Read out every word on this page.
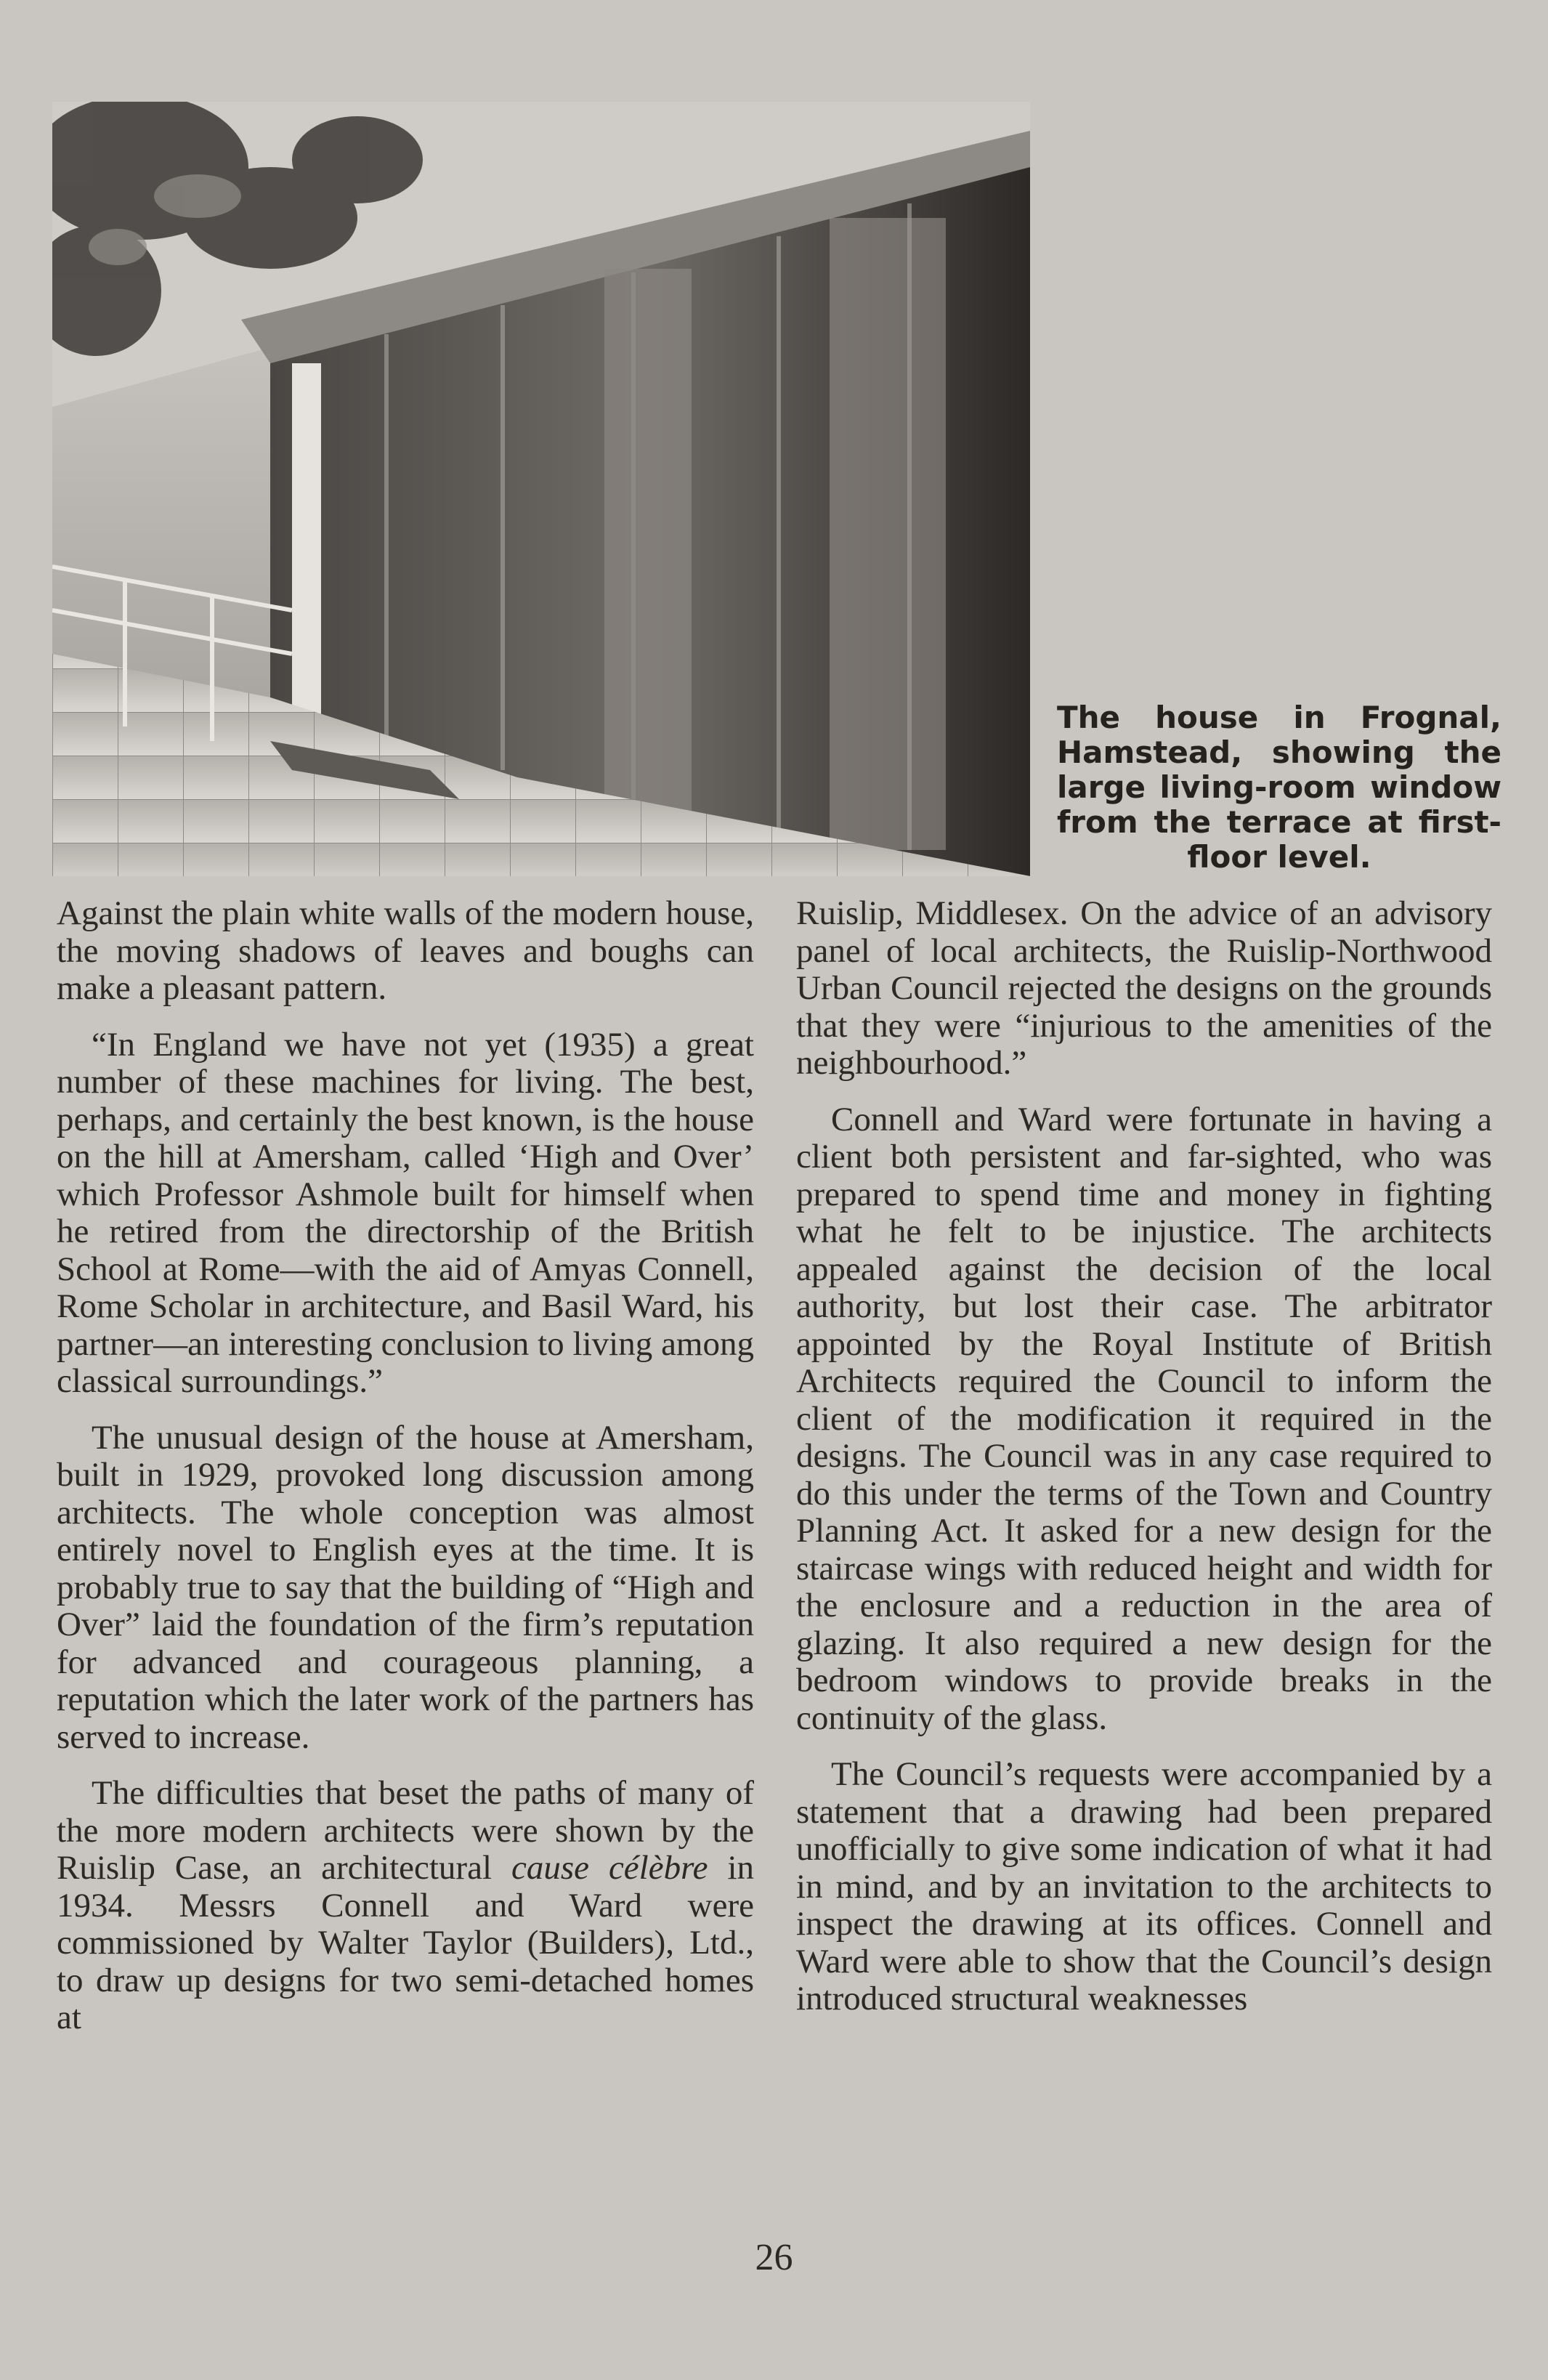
The house in Frognal, Hamstead, showing the large living-room window from the terrace at first-floor level.

Against the plain white walls of the modern house, the moving shadows of leaves and boughs can make a pleasant pattern.

“In England we have not yet (1935) a great number of these machines for living. The best, perhaps, and certainly the best known, is the house on the hill at Amersham, called ‘High and Over’ which Professor Ashmole built for himself when he retired from the directorship of the British School at Rome—with the aid of Amyas Connell, Rome Scholar in architecture, and Basil Ward, his partner—an interesting conclusion to living among classical surroundings.”

The unusual design of the house at Amersham, built in 1929, provoked long discussion among architects. The whole conception was almost entirely novel to English eyes at the time. It is probably true to say that the building of “High and Over” laid the foundation of the firm’s reputation for advanced and courageous planning, a reputation which the later work of the partners has served to increase.

The difficulties that beset the paths of many of the more modern architects were shown by the Ruislip Case, an architectural cause célèbre in 1934. Messrs Connell and Ward were commissioned by Walter Taylor (Builders), Ltd., to draw up designs for two semi-detached homes at

Ruislip, Middlesex. On the advice of an advisory panel of local architects, the Ruislip-Northwood Urban Council rejected the designs on the grounds that they were “injurious to the amenities of the neighbourhood.”

Connell and Ward were fortunate in having a client both persistent and far-sighted, who was prepared to spend time and money in fighting what he felt to be injustice. The architects appealed against the decision of the local authority, but lost their case. The arbitrator appointed by the Royal Institute of British Architects required the Council to inform the client of the modification it required in the designs. The Council was in any case required to do this under the terms of the Town and Country Planning Act. It asked for a new design for the staircase wings with reduced height and width for the enclosure and a reduction in the area of glazing. It also required a new design for the bedroom windows to provide breaks in the continuity of the glass.

The Council’s requests were accompanied by a statement that a drawing had been prepared unofficially to give some indication of what it had in mind, and by an invitation to the architects to inspect the drawing at its offices. Connell and Ward were able to show that the Council’s design introduced structural weaknesses

26
